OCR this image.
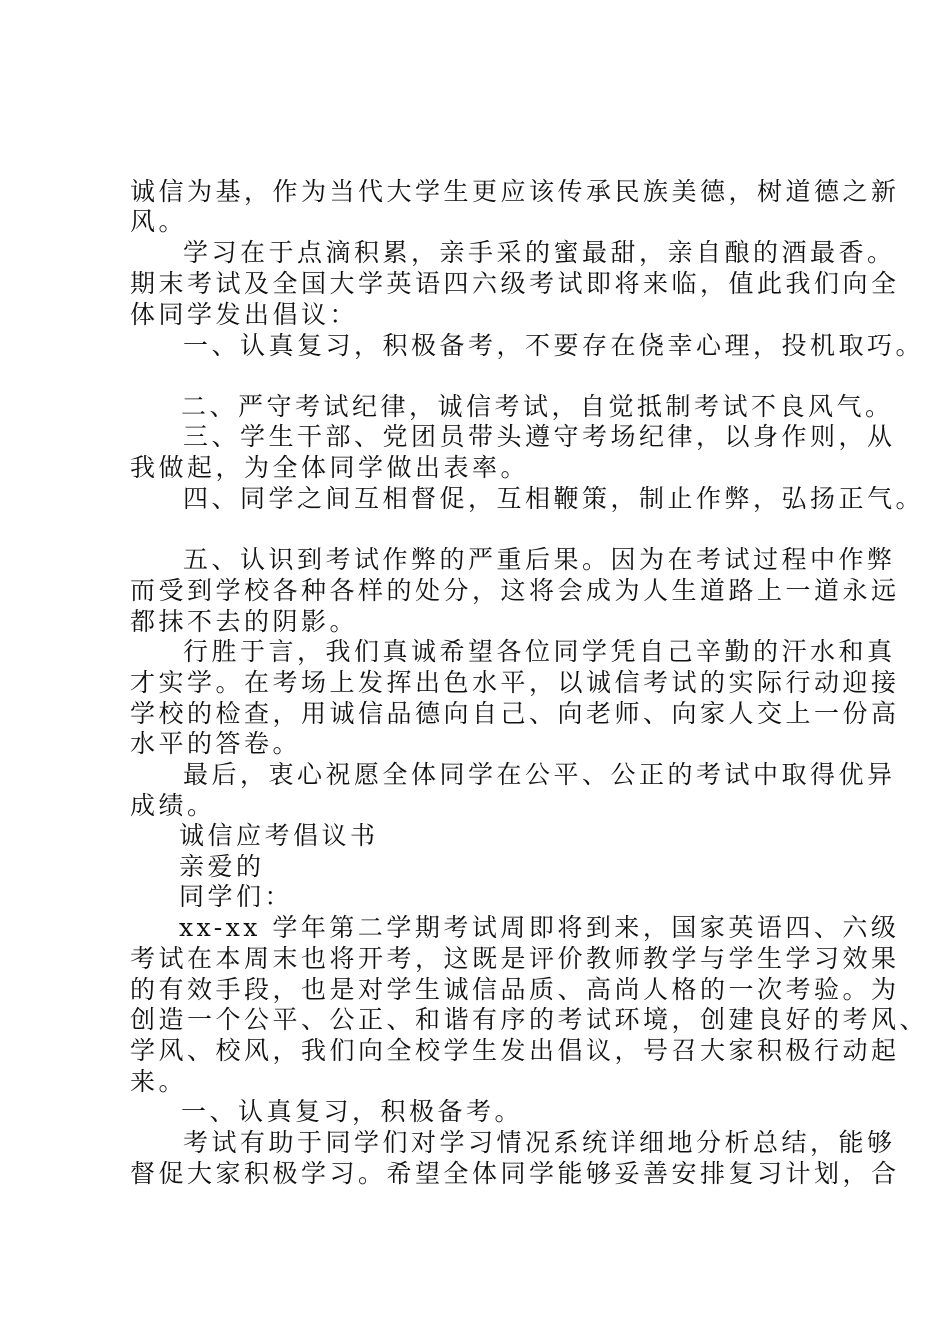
诚信为基，作为当代大学生更应该传承民族美德，树道德之新
风。
学习在于点滴积累，亲手采的蜜最甜，亲自酿的酒最香。
期末考试及全国大学英语四六级考试即将来临，值此我们向全
体同学发出倡议：
一、认真复习，积极备考，不要存在侥幸心理，投机取巧。
二、严守考试纪律，诚信考试，自觉抵制考试不良风气。
三、学生干部、党团员带头遵守考场纪律，以身作则，从
我做起，为全体同学做出表率。
四、同学之间互相督促，互相鞭策，制止作弊，弘扬正气。
五、认识到考试作弊的严重后果。因为在考试过程中作弊
而受到学校各种各样的处分，这将会成为人生道路上一道永远
都抹不去的阴影。
行胜于言，我们真诚希望各位同学凭自己辛勤的汗水和真
才实学。在考场上发挥出色水平，以诚信考试的实际行动迎接
学校的检查，用诚信品德向自己、向老师、向家人交上一份高
水平的答卷。
最后，衷心祝愿全体同学在公平、公正的考试中取得优异
成绩。
诚信应考倡议书
亲爱的
同学们：
xx-xx 学年第二学期考试周即将到来，国家英语四、六级
考试在本周末也将开考，这既是评价教师教学与学生学习效果
的有效手段，也是对学生诚信品质、高尚人格的一次考验。为
创造一个公平、公正、和谐有序的考试环境，创建良好的考风、
学风、校风，我们向全校学生发出倡议，号召大家积极行动起
来。
一、认真复习，积极备考。
考试有助于同学们对学习情况系统详细地分析总结，能够
督促大家积极学习。希望全体同学能够妥善安排复习计划，合
